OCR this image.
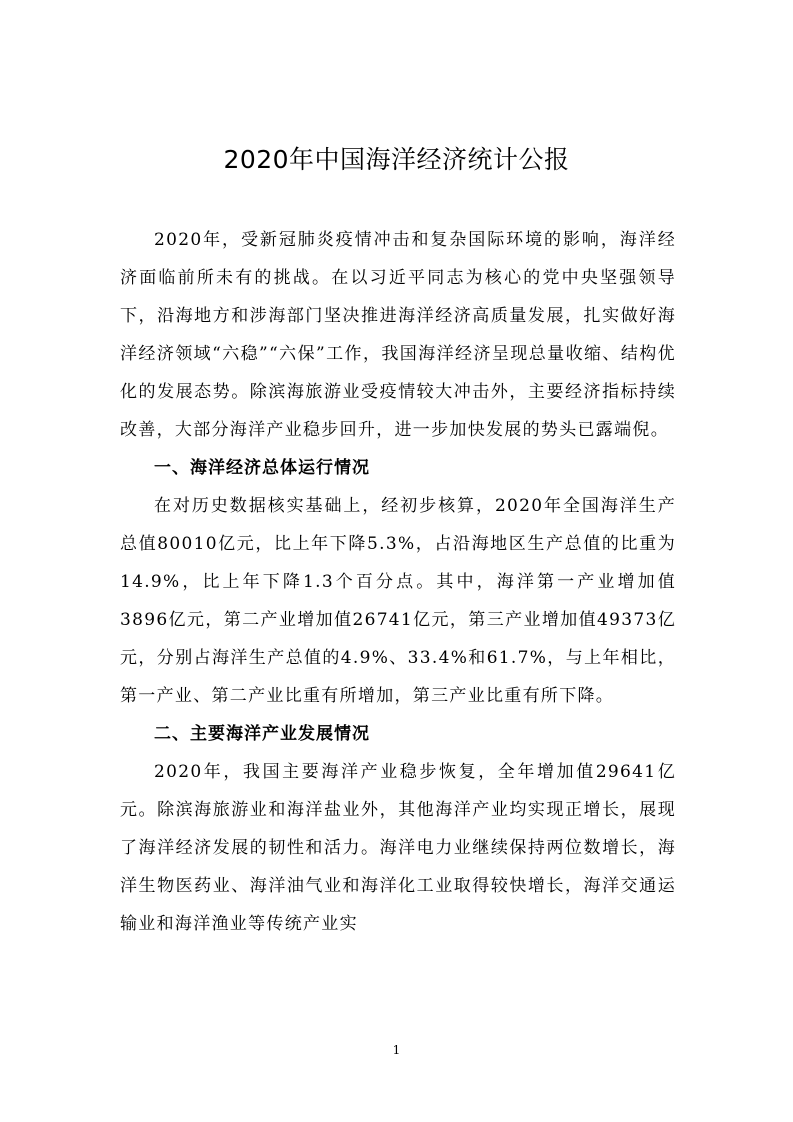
2020年中国海洋经济统计公报

2020年，受新冠肺炎疫情冲击和复杂国际环境的影响，海洋经济面临前所未有的挑战。在以习近平同志为核心的党中央坚强领导下，沿海地方和涉海部门坚决推进海洋经济高质量发展，扎实做好海洋经济领域“六稳”“六保”工作，我国海洋经济呈现总量收缩、结构优化的发展态势。除滨海旅游业受疫情较大冲击外，主要经济指标持续改善，大部分海洋产业稳步回升，进一步加快发展的势头已露端倪。

一、海洋经济总体运行情况

在对历史数据核实基础上，经初步核算，2020年全国海洋生产总值80010亿元，比上年下降5.3%，占沿海地区生产总值的比重为14.9%，比上年下降1.3个百分点。其中，海洋第一产业增加值3896亿元，第二产业增加值26741亿元，第三产业增加值49373亿元，分别占海洋生产总值的4.9%、33.4%和61.7%，与上年相比，第一产业、第二产业比重有所增加，第三产业比重有所下降。

二、主要海洋产业发展情况

2020年，我国主要海洋产业稳步恢复，全年增加值29641亿元。除滨海旅游业和海洋盐业外，其他海洋产业均实现正增长，展现了海洋经济发展的韧性和活力。海洋电力业继续保持两位数增长，海洋生物医药业、海洋油气业和海洋化工业取得较快增长，海洋交通运输业和海洋渔业等传统产业实

1
